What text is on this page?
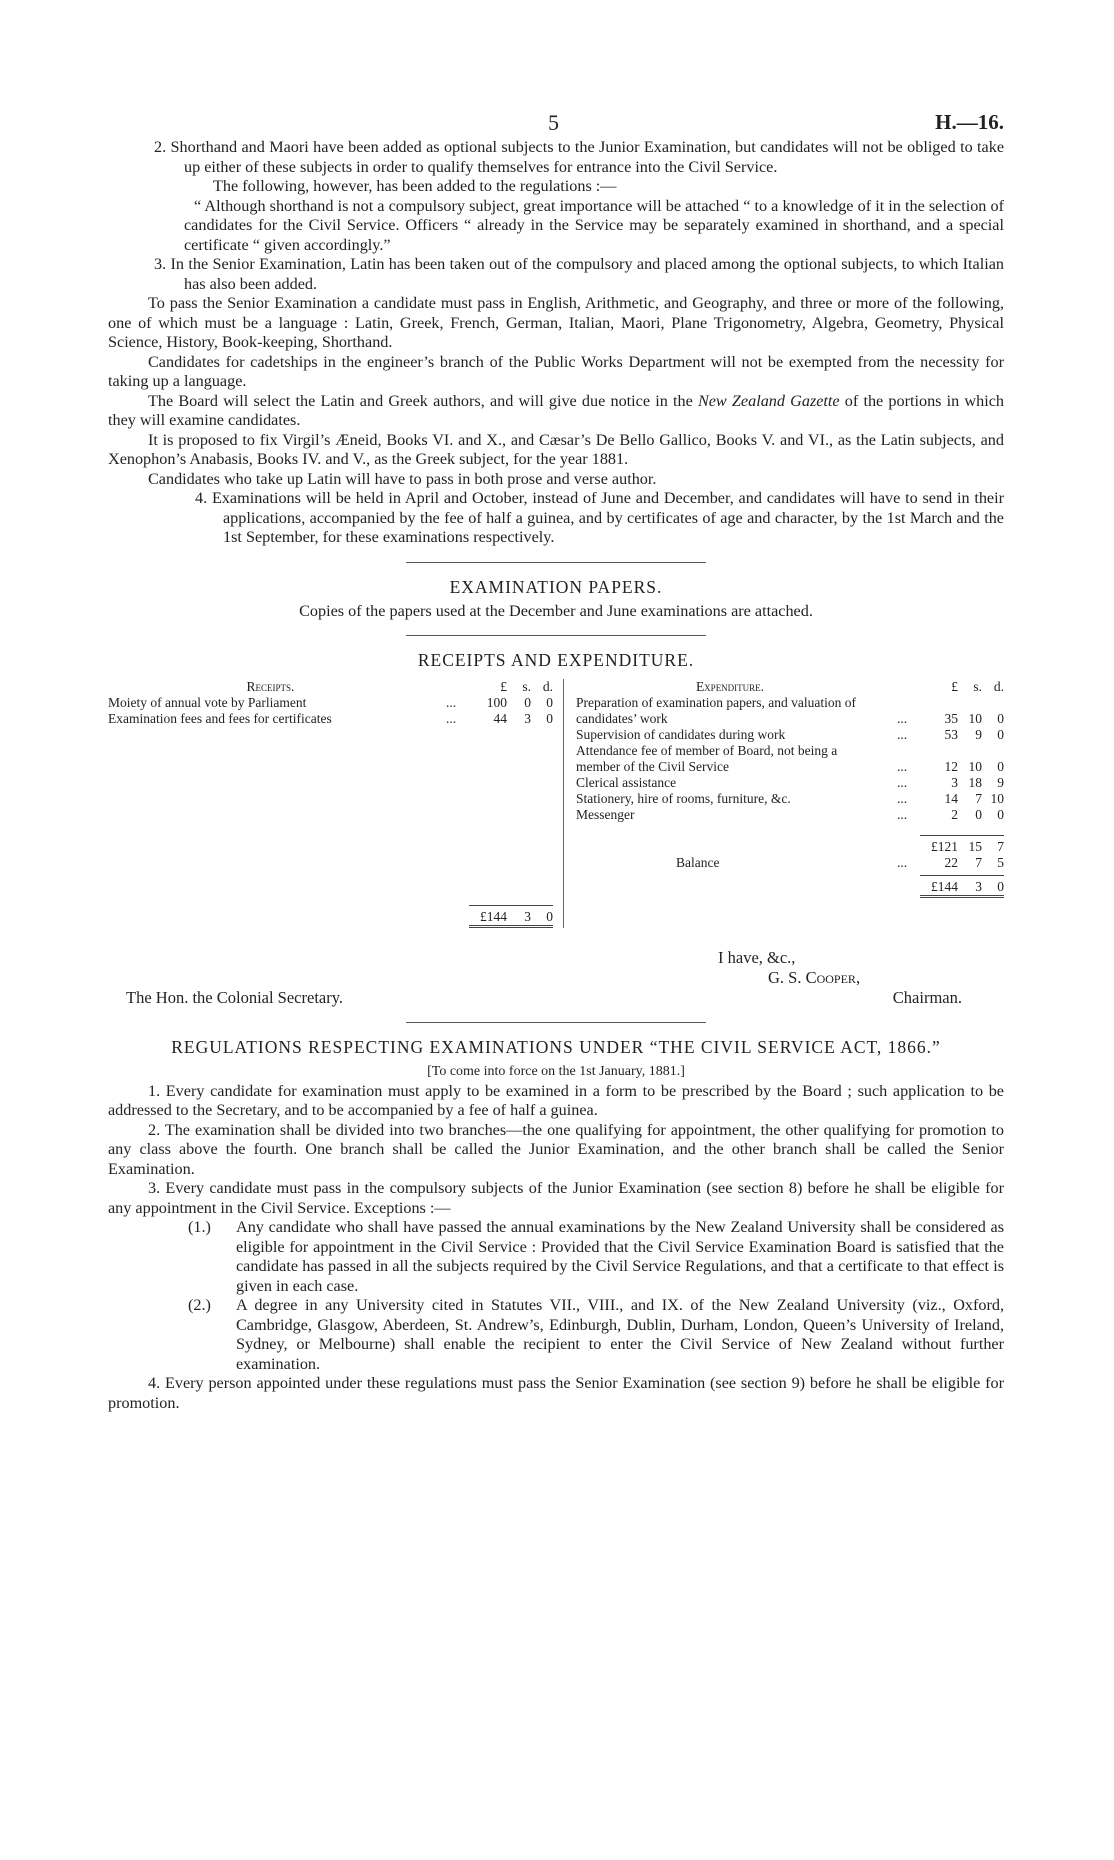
5	H.—16.

2. Shorthand and Maori have been added as optional subjects to the Junior Examination, but candidates will not be obliged to take up either of these subjects in order to qualify themselves for entrance into the Civil Service.

The following, however, has been added to the regulations :—

“ Although shorthand is not a compulsory subject, great importance will be attached “ to a knowledge of it in the selection of candidates for the Civil Service. Officers “ already in the Service may be separately examined in shorthand, and a special certificate “ given accordingly.”

3. In the Senior Examination, Latin has been taken out of the compulsory and placed among the optional subjects, to which Italian has also been added.

To pass the Senior Examination a candidate must pass in English, Arithmetic, and Geography, and three or more of the following, one of which must be a language : Latin, Greek, French, German, Italian, Maori, Plane Trigonometry, Algebra, Geometry, Physical Science, History, Book-keeping, Shorthand.

Candidates for cadetships in the engineer’s branch of the Public Works Department will not be exempted from the necessity for taking up a language.

The Board will select the Latin and Greek authors, and will give due notice in the New Zealand Gazette of the portions in which they will examine candidates.

It is proposed to fix Virgil’s Æneid, Books VI. and X., and Cæsar’s De Bello Gallico, Books V. and VI., as the Latin subjects, and Xenophon’s Anabasis, Books IV. and V., as the Greek subject, for the year 1881.

Candidates who take up Latin will have to pass in both prose and verse author.

4. Examinations will be held in April and October, instead of June and December, and candidates will have to send in their applications, accompanied by the fee of half a guinea, and by certificates of age and character, by the 1st March and the 1st September, for these examinations respectively.

EXAMINATION PAPERS.

Copies of the papers used at the December and June examinations are attached.

RECEIPTS AND EXPENDITURE.
Receipts.	£	s. d.
Moiety of annual vote by Parliament	...	100	0	0
Examination fees and fees for certificates	...	44	3	0
£144	3	0
Expenditure.	£	s. d.
Preparation of examination papers, and valuation of candidates’ work	...	35 10	0
Supervision of candidates during work	...	53	9	0
Attendance fee of member of Board, not being a member of the Civil Service	...	12 10	0
Clerical assistance	...	3 18	9
Stationery, hire of rooms, furniture, &c.	...	14	7 10
Messenger	...	2	0	0
£121 15	7
Balance	...	22	7	5
£144	3	0
I have, &c.,
G. S. Cooper,
The Hon. the Colonial Secretary.	Chairman.
REGULATIONS RESPECTING EXAMINATIONS UNDER “THE CIVIL SERVICE ACT, 1866.”

[To come into force on the 1st January, 1881.]

1. Every candidate for examination must apply to be examined in a form to be prescribed by the Board ; such application to be addressed to the Secretary, and to be accompanied by a fee of half a guinea.

2. The examination shall be divided into two branches—the one qualifying for appointment, the other qualifying for promotion to any class above the fourth. One branch shall be called the Junior Examination, and the other branch shall be called the Senior Examination.

3. Every candidate must pass in the compulsory subjects of the Junior Examination (see section 8) before he shall be eligible for any appointment in the Civil Service. Exceptions :—

(1.)	Any candidate who shall have passed the annual examinations by the New Zealand University shall be considered as eligible for appointment in the Civil Service : Provided that the Civil Service Examination Board is satisfied that the candidate has passed in all the subjects required by the Civil Service Regulations, and that a certificate to that effect is given in each case.
(2.)	A degree in any University cited in Statutes VII., VIII., and IX. of the New Zealand University (viz., Oxford, Cambridge, Glasgow, Aberdeen, St. Andrew’s, Edinburgh, Dublin, Durham, London, Queen’s University of Ireland, Sydney, or Melbourne) shall enable the recipient to enter the Civil Service of New Zealand without further examination.

4. Every person appointed under these regulations must pass the Senior Examination (see section 9) before he shall be eligible for promotion.
